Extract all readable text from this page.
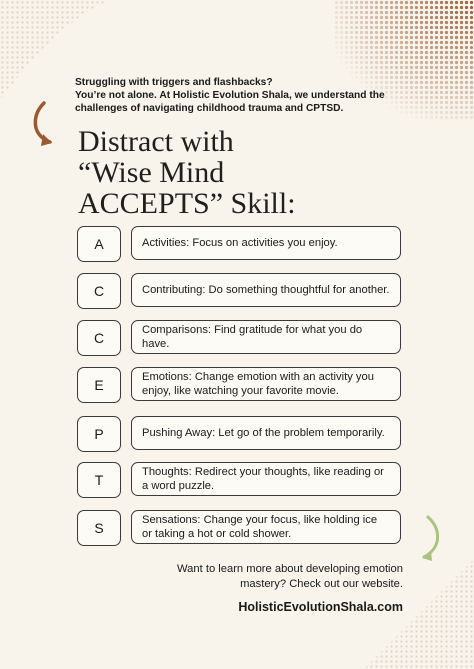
Struggling with triggers and flashbacks?
You’re not alone. At Holistic Evolution Shala, we understand the
challenges of navigating childhood trauma and CPTSD.
Distract with
“Wise Mind
ACCEPTS” Skill:
A	Activities: Focus on activities you enjoy.
C	Contributing: Do something thoughtful for another.
C	Comparisons: Find gratitude for what you do have.
E	Emotions: Change emotion with an activity you enjoy, like watching your favorite movie.
P	Pushing Away: Let go of the problem temporarily.
T	Thoughts: Redirect your thoughts, like reading or a word puzzle.
S	Sensations: Change your focus, like holding ice or taking a hot or cold shower.
Want to learn more about developing emotion
mastery? Check out our website.
HolisticEvolutionShala.com
